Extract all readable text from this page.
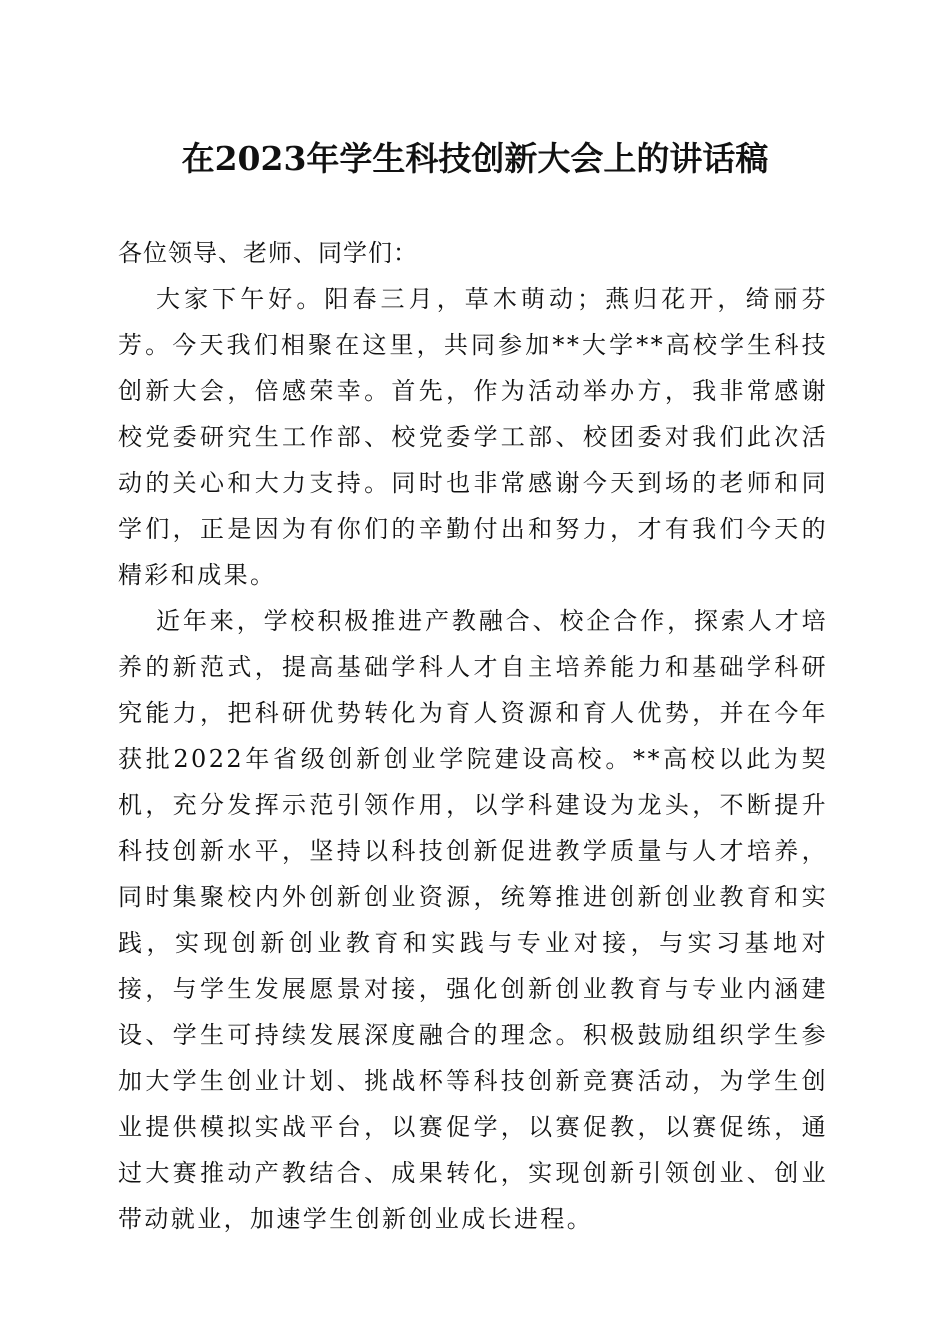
在2023年学生科技创新大会上的讲话稿

各位领导、老师、同学们：

大家下午好。阳春三月，草木萌动；燕归花开，绮丽芬芳。今天我们相聚在这里，共同参加**大学**高校学生科技创新大会，倍感荣幸。首先，作为活动举办方，我非常感谢校党委研究生工作部、校党委学工部、校团委对我们此次活动的关心和大力支持。同时也非常感谢今天到场的老师和同学们，正是因为有你们的辛勤付出和努力，才有我们今天的精彩和成果。

近年来，学校积极推进产教融合、校企合作，探索人才培养的新范式，提高基础学科人才自主培养能力和基础学科研究能力，把科研优势转化为育人资源和育人优势，并在今年获批2022年省级创新创业学院建设高校。**高校以此为契机，充分发挥示范引领作用，以学科建设为龙头，不断提升科技创新水平，坚持以科技创新促进教学质量与人才培养，同时集聚校内外创新创业资源，统筹推进创新创业教育和实践，实现创新创业教育和实践与专业对接，与实习基地对接，与学生发展愿景对接，强化创新创业教育与专业内涵建设、学生可持续发展深度融合的理念。积极鼓励组织学生参加大学生创业计划、挑战杯等科技创新竞赛活动，为学生创业提供模拟实战平台，以赛促学，以赛促教，以赛促练，通过大赛推动产教结合、成果转化，实现创新引领创业、创业带动就业，加速学生创新创业成长进程。
